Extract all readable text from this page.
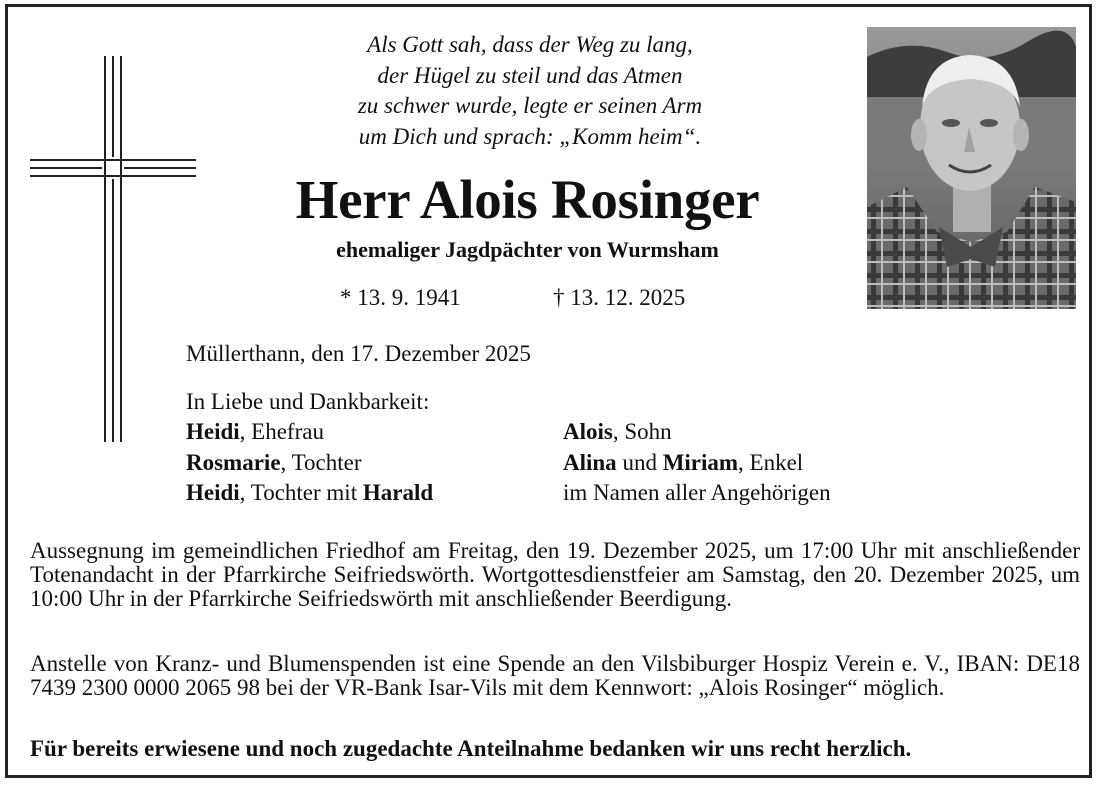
Als Gott sah, dass der Weg zu lang,
der Hügel zu steil und das Atmen
zu schwer wurde, legte er seinen Arm
um Dich und sprach: „Komm heim“.
Herr Alois Rosinger
ehemaliger Jagdpächter von Wurmsham
* 13. 9. 1941	† 13. 12. 2025
Müllerthann, den 17. Dezember 2025
In Liebe und Dankbarkeit:
Heidi, Ehefrau
Rosmarie, Tochter
Heidi, Tochter mit Harald
Alois, Sohn
Alina und Miriam, Enkel
im Namen aller Angehörigen

Aussegnung im gemeindlichen Friedhof am Freitag, den 19. Dezember 2025, um 17:00 Uhr mit anschließender Totenandacht in der Pfarrkirche Seifriedswörth. Wortgottesdienstfeier am Samstag, den 20. Dezember 2025, um 10:00 Uhr in der Pfarrkirche Seifriedswörth mit anschließender Beerdigung.

Anstelle von Kranz- und Blumenspenden ist eine Spende an den Vilsbiburger Hospiz Verein e. V., IBAN: DE18 7439 2300 0000 2065 98 bei der VR-Bank Isar-Vils mit dem Kennwort: „Alois Rosinger“ möglich.

Für bereits erwiesene und noch zugedachte Anteilnahme bedanken wir uns recht herzlich.
